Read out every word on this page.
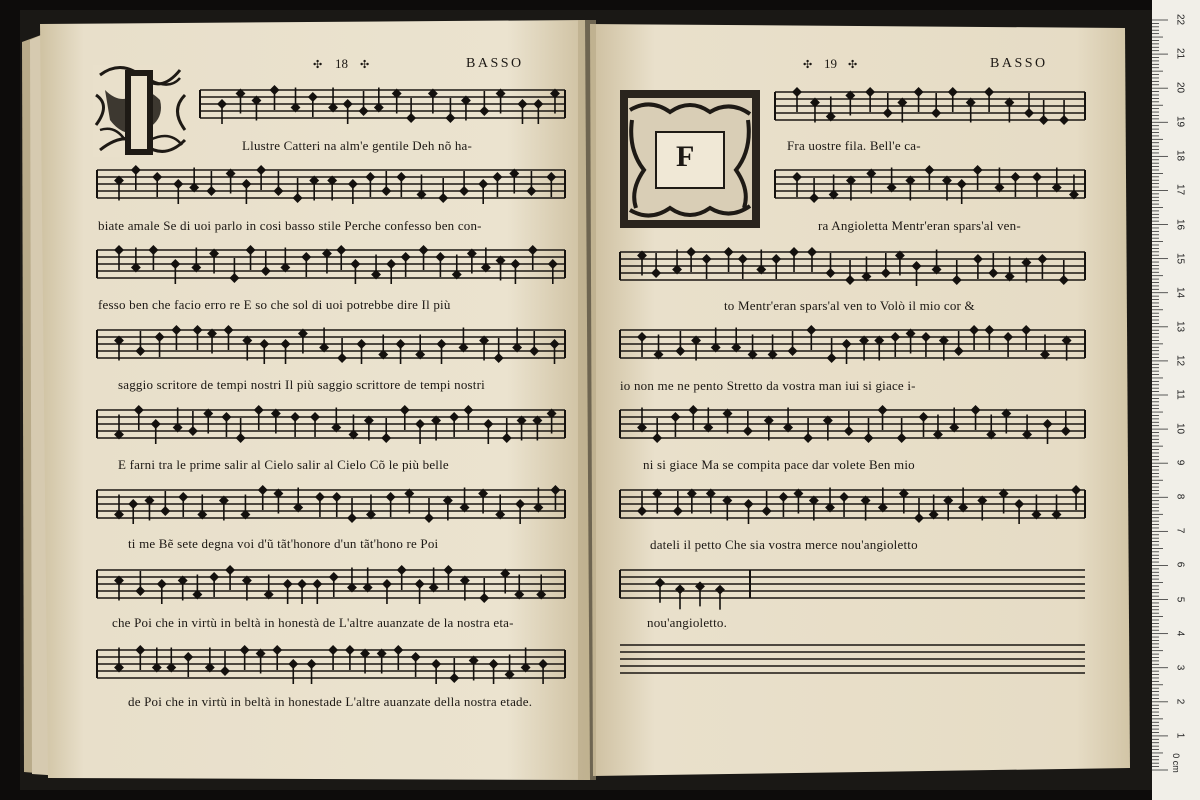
✣ 18 ✣	BASSO	✣ 19 ✣	BASSO
F
Llustre Catteri na alm'e gentile Deh nõ ha-
biate amale Se di uoi parlo in cosi basso stile Perche confesso ben con-
fesso ben che facio erro re E so che sol di uoi potrebbe dire Il più
saggio scritore de tempi nostri Il più saggio scrittore de tempi nostri
E farni tra le prime salir al Cielo salir al Cielo Cõ le più belle
ti me Bẽ sete degna voi d'ũ tãt'honore d'un tãt'hono re Poi
che Poi che in virtù in beltà in honestà de L'altre auanzate de la nostra eta-
de Poi che in virtù in beltà in honestade L'altre auanzate della nostra etade.
Fra uostre fila. Bell'e ca-
ra Angioletta Mentr'eran spars'al ven-
to Mentr'eran spars'al ven to Volò il mio cor &
io non me ne pento Stretto da vostra man iui si giace i-
ni si giace Ma se compita pace dar volete Ben mio
dateli il petto Che sia vostra merce nou'angioletto
nou'angioletto.
0 cm
1
2
3
4
5
6
7
8
9
10
11
12
13
14
15
16
17
18
19
20
21
22
